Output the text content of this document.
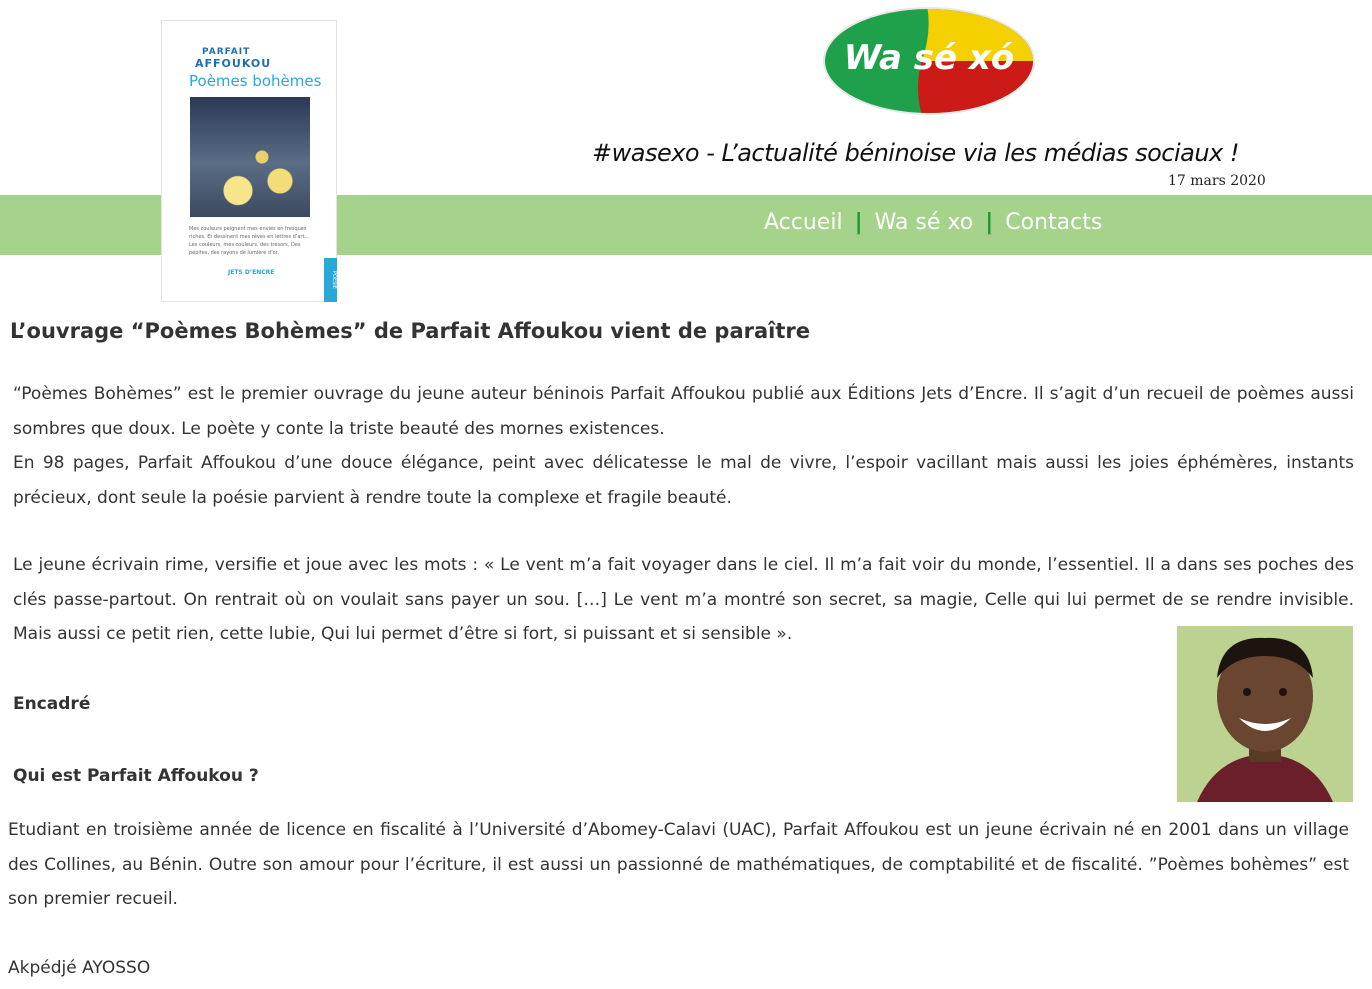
Accueil | Wa sé xo | Contacts
PARFAIT
AFFOUKOU
Poèmes bohèmes
Mes couleurs peignent mes envies en fresques riches. Et dessinent mes rêves en lettres d’art… Les couleurs, mes couleurs, des trésors, Des pépites, des rayons de lumière d’or.
JETS D’ENCRE	POÉSIE
Wa sé xó
#wasexo - L’actualité béninoise via les médias sociaux !
17 mars 2020
L’ouvrage “Poèmes Bohèmes” de Parfait Affoukou vient de paraître
“Poèmes Bohèmes” est le premier ouvrage du jeune auteur béninois Parfait Affoukou publié aux Éditions Jets d’Encre. Il s’agit d’un recueil de poèmes aussi sombres que doux. Le poète y conte la triste beauté des mornes existences.
En 98 pages, Parfait Affoukou d’une douce élégance, peint avec délicatesse le mal de vivre, l’espoir vacillant mais aussi les joies éphémères, instants précieux, dont seule la poésie parvient à rendre toute la complexe et fragile beauté.

Le jeune écrivain rime, versifie et joue avec les mots : « Le vent m’a fait voyager dans le ciel. Il m’a fait voir du monde, l’essentiel. Il a dans ses poches des clés passe-partout. On rentrait où on voulait sans payer un sou. […] Le vent m’a montré son secret, sa magie, Celle qui lui permet de se rendre invisible. Mais aussi ce petit rien, cette lubie, Qui lui permet d’être si fort, si puissant et si sensible ».

Encadré
Qui est Parfait Affoukou ?

Etudiant en troisième année de licence en fiscalité à l’Université d’Abomey-Calavi (UAC), Parfait Affoukou est un jeune écrivain né en 2001 dans un village des Collines, au Bénin. Outre son amour pour l’écriture, il est aussi un passionné de mathématiques, de comptabilité et de fiscalité. ”Poèmes bohèmes” est son premier recueil.

Akpédjé AYOSSO
